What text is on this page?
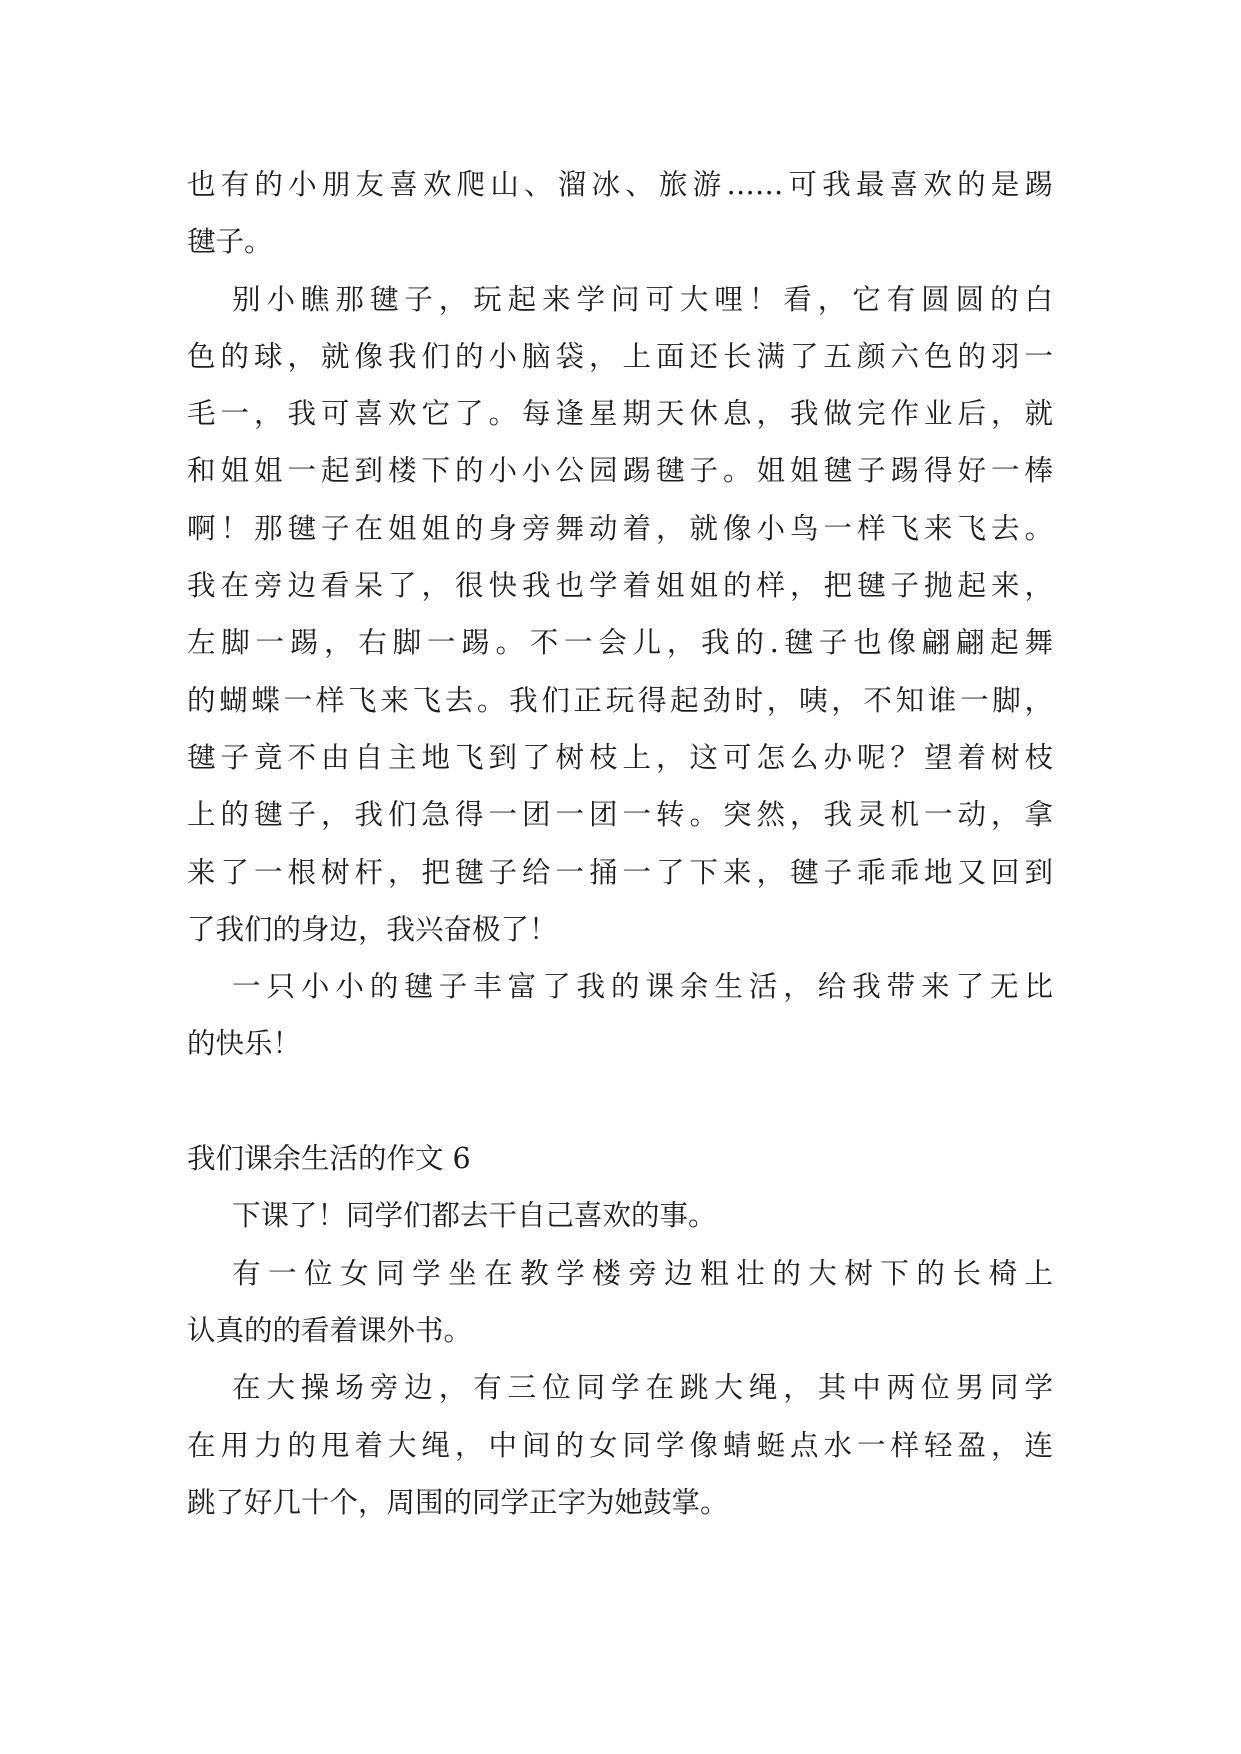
也有的小朋友喜欢爬山、溜冰、旅游……可我最喜欢的是踢
毽子。
别小瞧那毽子，玩起来学问可大哩！看，它有圆圆的白
色的球，就像我们的小脑袋，上面还长满了五颜六色的羽一
毛一，我可喜欢它了。每逢星期天休息，我做完作业后，就
和姐姐一起到楼下的小小公园踢毽子。姐姐毽子踢得好一棒
啊！那毽子在姐姐的身旁舞动着，就像小鸟一样飞来飞去。
我在旁边看呆了，很快我也学着姐姐的样，把毽子抛起来，
左脚一踢，右脚一踢。不一会儿，我的.毽子也像翩翩起舞
的蝴蝶一样飞来飞去。我们正玩得起劲时，咦，不知谁一脚，
毽子竟不由自主地飞到了树枝上，这可怎么办呢？望着树枝
上的毽子，我们急得一团一团一转。突然，我灵机一动，拿
来了一根树杆，把毽子给一捅一了下来，毽子乖乖地又回到
了我们的身边，我兴奋极了！
一只小小的毽子丰富了我的课余生活，给我带来了无比
的快乐！
我们课余生活的作文 6
下课了！同学们都去干自己喜欢的事。
有一位女同学坐在教学楼旁边粗壮的大树下的长椅上
认真的的看着课外书。
在大操场旁边，有三位同学在跳大绳，其中两位男同学
在用力的甩着大绳，中间的女同学像蜻蜓点水一样轻盈，连
跳了好几十个，周围的同学正字为她鼓掌。
